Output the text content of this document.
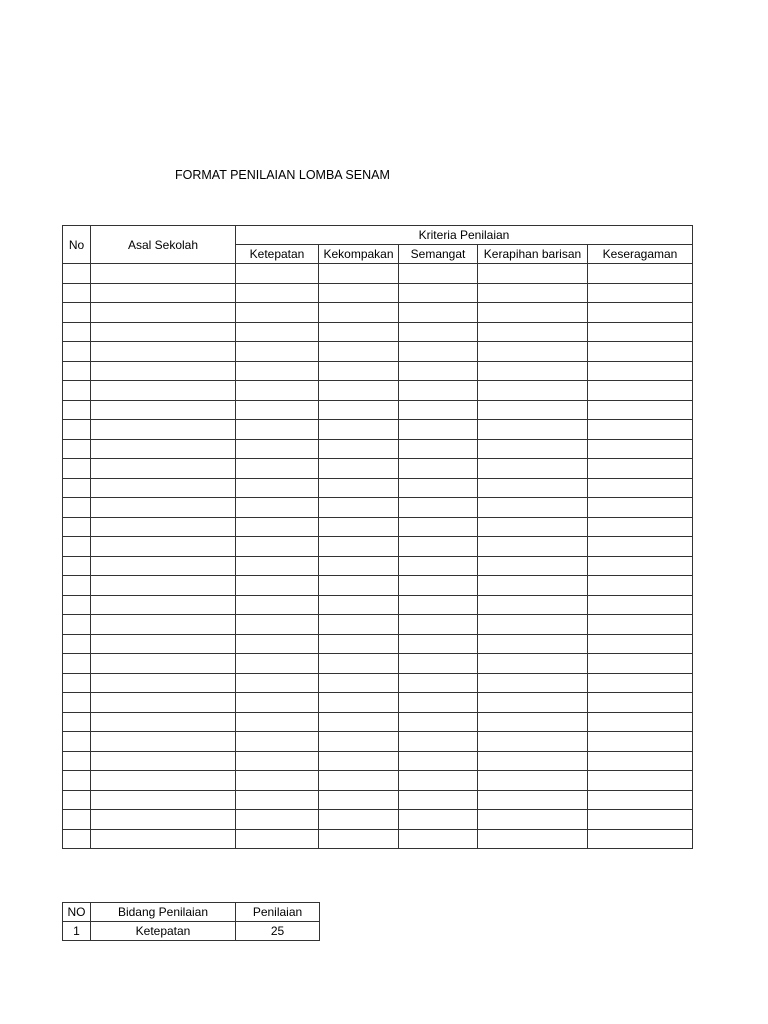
FORMAT PENILAIAN LOMBA SENAM
No	Asal Sekolah	Kriteria Penilaian				
		Ketepatan	Kekompakan	Semangat	Kerapihan barisan	Keseragaman

NO	Bidang Penilaian	Penilaian
1	Ketepatan	25
